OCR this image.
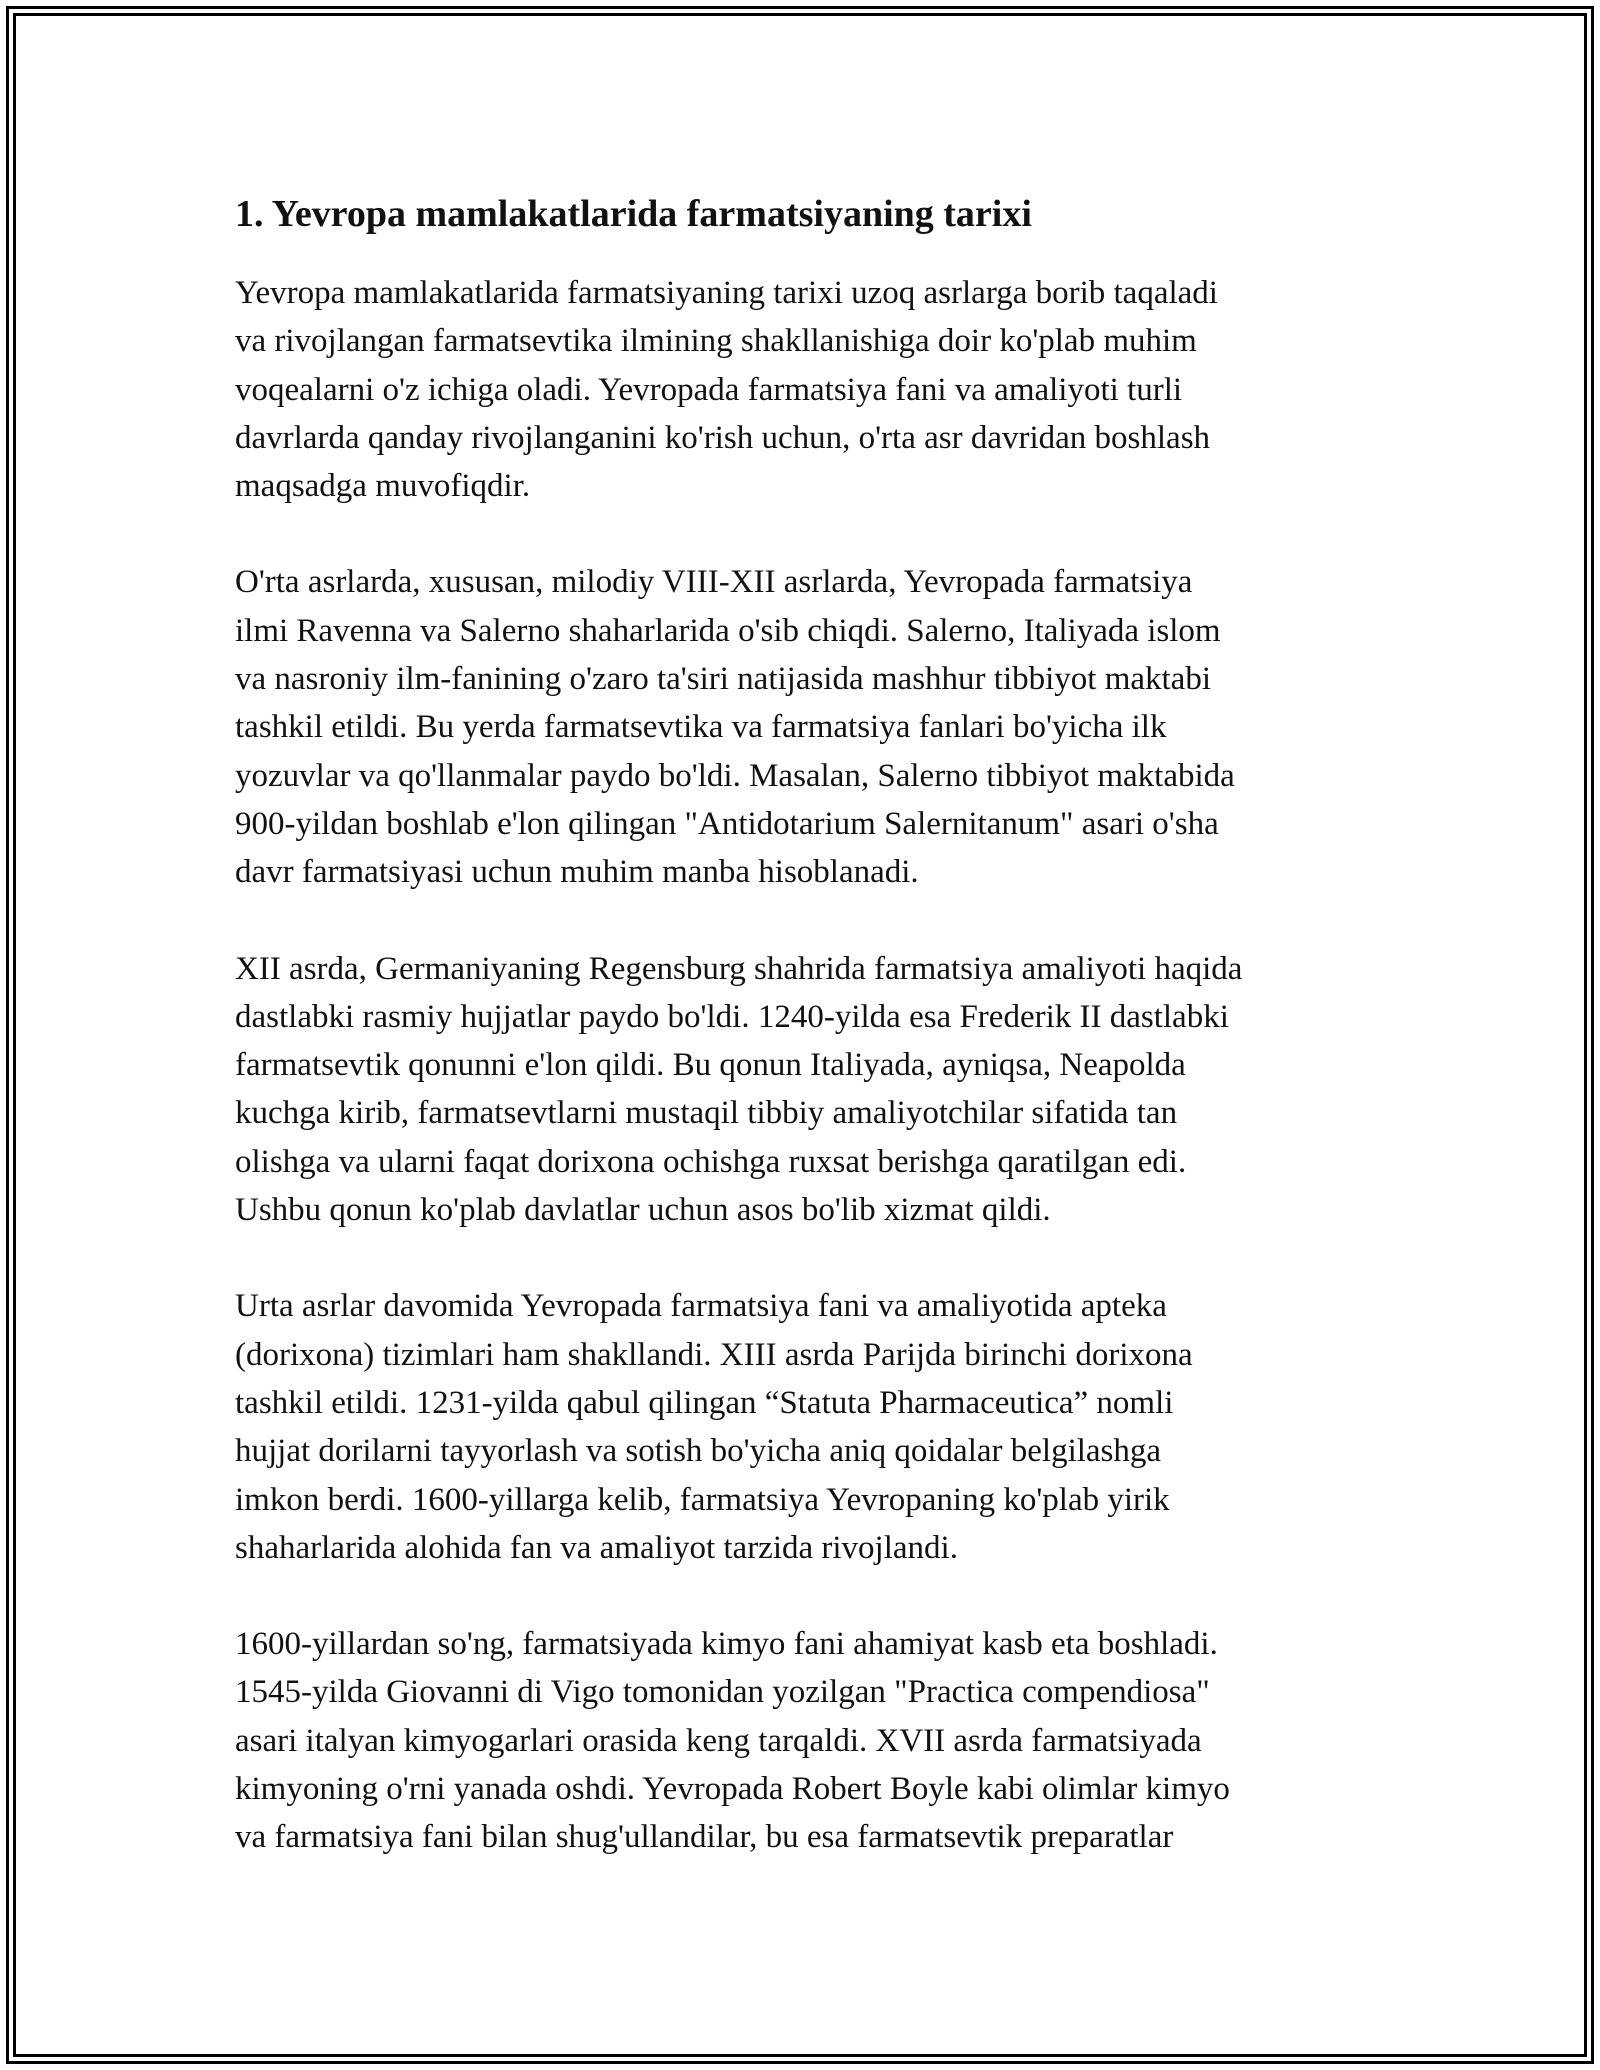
1. Yevropa mamlakatlarida farmatsiyaning tarixi

Yevropa mamlakatlarida farmatsiyaning tarixi uzoq asrlarga borib taqaladi
va rivojlangan farmatsevtika ilmining shakllanishiga doir ko'plab muhim
voqealarni o'z ichiga oladi. Yevropada farmatsiya fani va amaliyoti turli
davrlarda qanday rivojlanganini ko'rish uchun, o'rta asr davridan boshlash
maqsadga muvofiqdir.

O'rta asrlarda, xususan, milodiy VIII-XII asrlarda, Yevropada farmatsiya
ilmi Ravenna va Salerno shaharlarida o'sib chiqdi. Salerno, Italiyada islom
va nasroniy ilm-fanining o'zaro ta'siri natijasida mashhur tibbiyot maktabi
tashkil etildi. Bu yerda farmatsevtika va farmatsiya fanlari bo'yicha ilk
yozuvlar va qo'llanmalar paydo bo'ldi. Masalan, Salerno tibbiyot maktabida
900-yildan boshlab e'lon qilingan "Antidotarium Salernitanum" asari o'sha
davr farmatsiyasi uchun muhim manba hisoblanadi.

XII asrda, Germaniyaning Regensburg shahrida farmatsiya amaliyoti haqida
dastlabki rasmiy hujjatlar paydo bo'ldi. 1240-yilda esa Frederik II dastlabki
farmatsevtik qonunni e'lon qildi. Bu qonun Italiyada, ayniqsa, Neapolda
kuchga kirib, farmatsevtlarni mustaqil tibbiy amaliyotchilar sifatida tan
olishga va ularni faqat dorixona ochishga ruxsat berishga qaratilgan edi.
Ushbu qonun ko'plab davlatlar uchun asos bo'lib xizmat qildi.

Urta asrlar davomida Yevropada farmatsiya fani va amaliyotida apteka
(dorixona) tizimlari ham shakllandi. XIII asrda Parijda birinchi dorixona
tashkil etildi. 1231-yilda qabul qilingan “Statuta Pharmaceutica” nomli
hujjat dorilarni tayyorlash va sotish bo'yicha aniq qoidalar belgilashga
imkon berdi. 1600-yillarga kelib, farmatsiya Yevropaning ko'plab yirik
shaharlarida alohida fan va amaliyot tarzida rivojlandi.

1600-yillardan so'ng, farmatsiyada kimyo fani ahamiyat kasb eta boshladi.
1545-yilda Giovanni di Vigo tomonidan yozilgan "Practica compendiosa"
asari italyan kimyogarlari orasida keng tarqaldi. XVII asrda farmatsiyada
kimyoning o'rni yanada oshdi. Yevropada Robert Boyle kabi olimlar kimyo
va farmatsiya fani bilan shug'ullandilar, bu esa farmatsevtik preparatlar
